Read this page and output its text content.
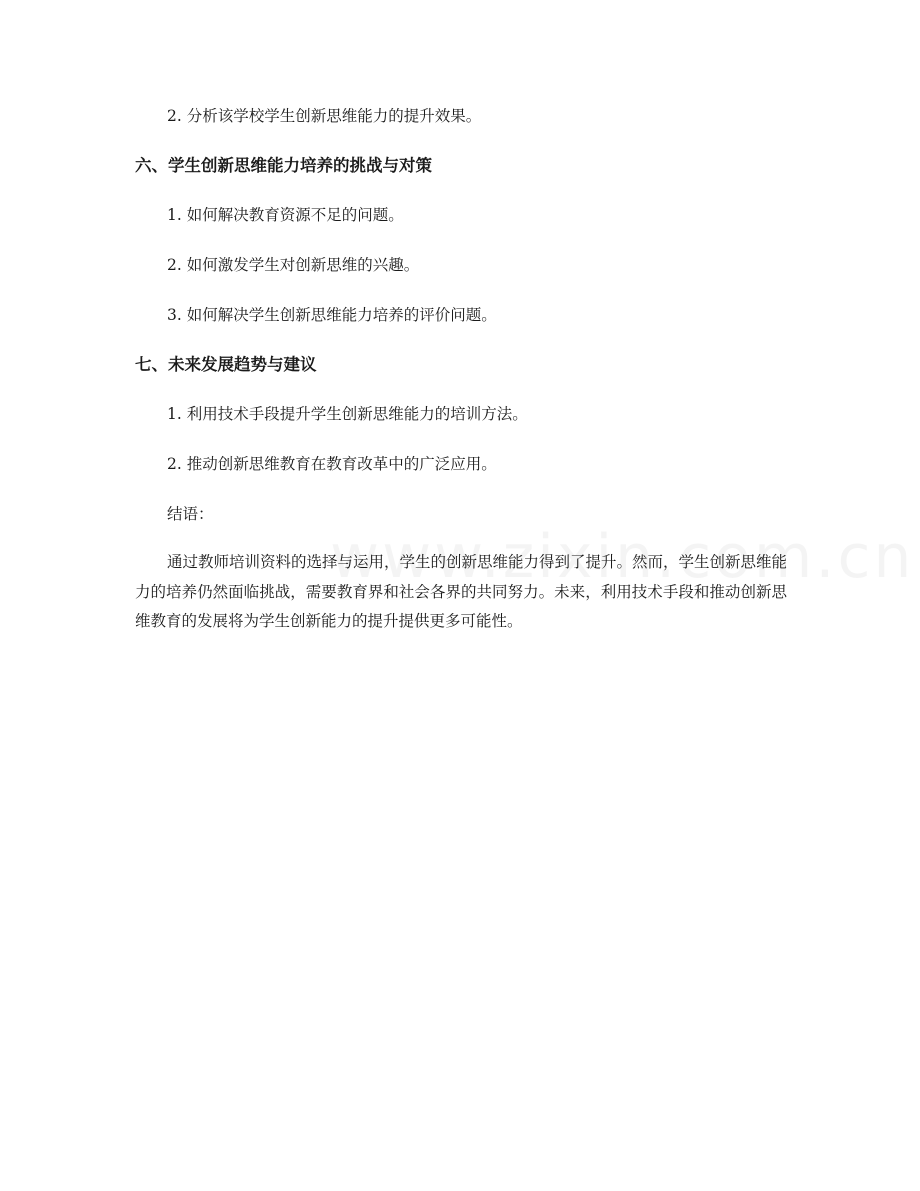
2. 分析该学校学生创新思维能力的提升效果。

六、学生创新思维能力培养的挑战与对策

1. 如何解决教育资源不足的问题。

2. 如何激发学生对创新思维的兴趣。

3. 如何解决学生创新思维能力培养的评价问题。

七、未来发展趋势与建议

1. 利用技术手段提升学生创新思维能力的培训方法。

2. 推动创新思维教育在教育改革中的广泛应用。

结语：

通过教师培训资料的选择与运用，学生的创新思维能力得到了提升。然而，学生创新思维能力的培养仍然面临挑战，需要教育界和社会各界的共同努力。未来，利用技术手段和推动创新思维教育的发展将为学生创新能力的提升提供更多可能性。
